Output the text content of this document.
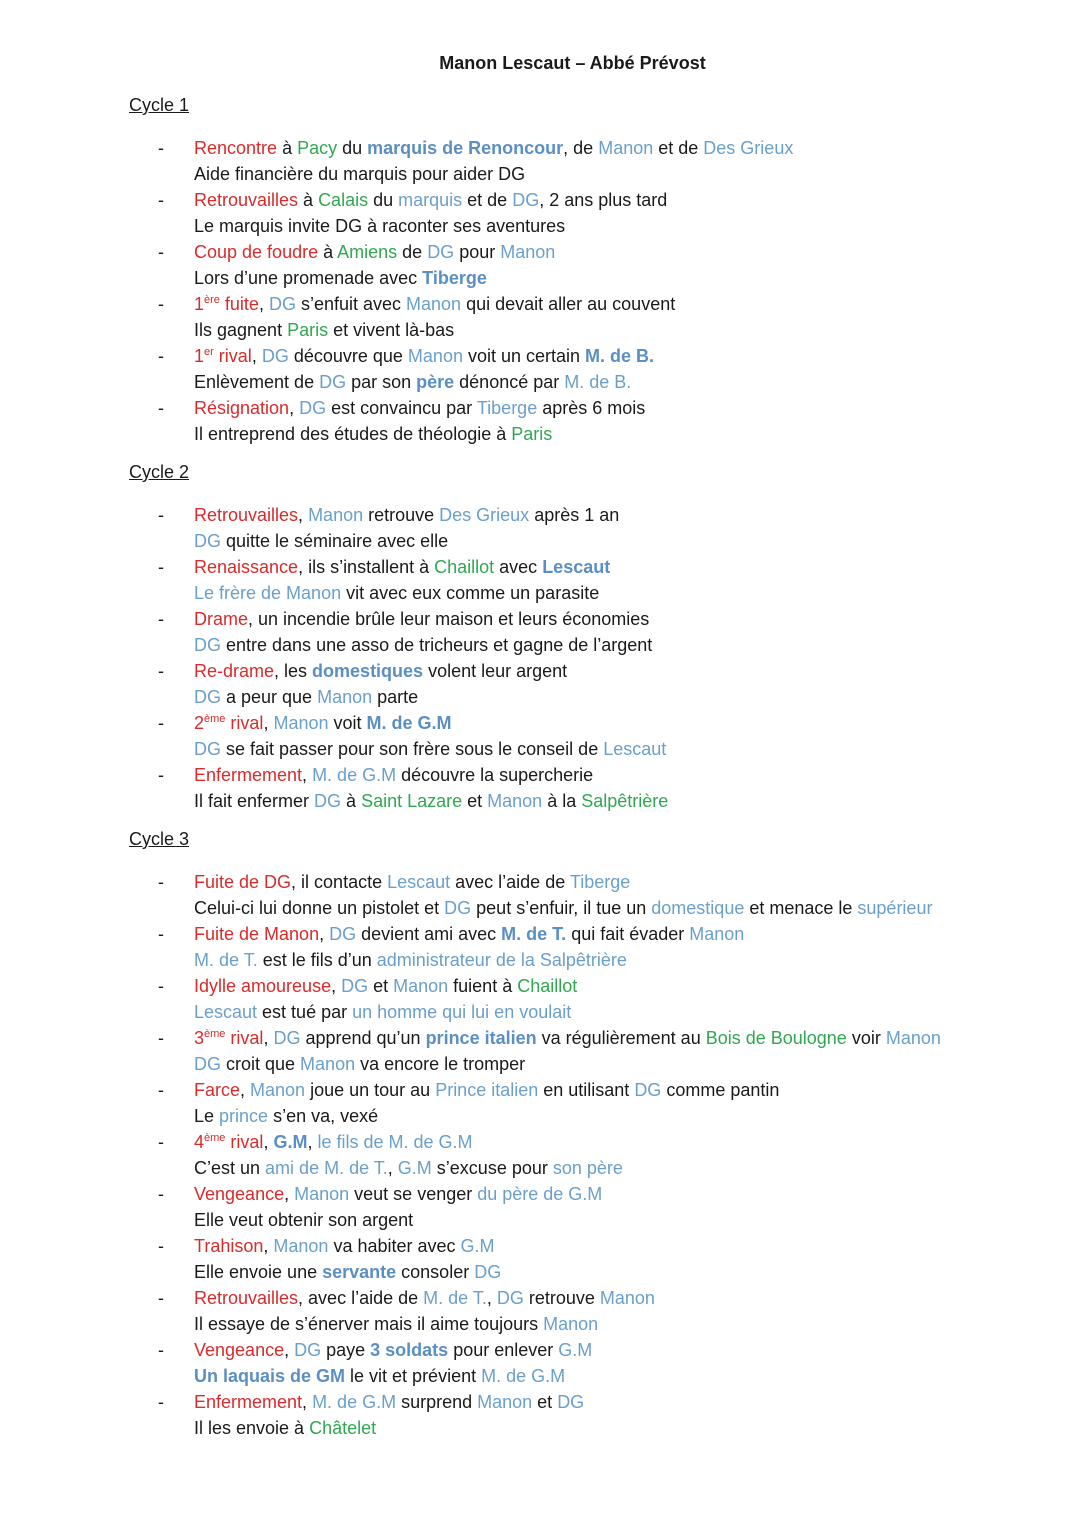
Manon Lescaut – Abbé Prévost
Cycle 1
- Rencontre à Pacy du marquis de Renoncour, de Manon et de Des Grieux
Aide financière du marquis pour aider DG
- Retrouvailles à Calais du marquis et de DG, 2 ans plus tard
Le marquis invite DG à raconter ses aventures
- Coup de foudre à Amiens de DG pour Manon
Lors d’une promenade avec Tiberge
- 1ère fuite, DG s’enfuit avec Manon qui devait aller au couvent
Ils gagnent Paris et vivent là-bas
- 1er rival, DG découvre que Manon voit un certain M. de B.
Enlèvement de DG par son père dénoncé par M. de B.
- Résignation, DG est convaincu par Tiberge après 6 mois
Il entreprend des études de théologie à Paris
Cycle 2
- Retrouvailles, Manon retrouve Des Grieux après 1 an
DG quitte le séminaire avec elle
- Renaissance, ils s’installent à Chaillot avec Lescaut
Le frère de Manon vit avec eux comme un parasite
- Drame, un incendie brûle leur maison et leurs économies
DG entre dans une asso de tricheurs et gagne de l’argent
- Re-drame, les domestiques volent leur argent
DG a peur que Manon parte
- 2ème rival, Manon voit M. de G.M
DG se fait passer pour son frère sous le conseil de Lescaut
- Enfermement, M. de G.M découvre la supercherie
Il fait enfermer DG à Saint Lazare et Manon à la Salpêtrière
Cycle 3
- Fuite de DG, il contacte Lescaut avec l’aide de Tiberge
Celui-ci lui donne un pistolet et DG peut s’enfuir, il tue un domestique et menace le supérieur
- Fuite de Manon, DG devient ami avec M. de T. qui fait évader Manon
M. de T. est le fils d’un administrateur de la Salpêtrière
- Idylle amoureuse, DG et Manon fuient à Chaillot
Lescaut est tué par un homme qui lui en voulait
- 3ème rival, DG apprend qu’un prince italien va régulièrement au Bois de Boulogne voir Manon
DG croit que Manon va encore le tromper
- Farce, Manon joue un tour au Prince italien en utilisant DG comme pantin
Le prince s’en va, vexé
- 4ème rival, G.M, le fils de M. de G.M
C’est un ami de M. de T., G.M s’excuse pour son père
- Vengeance, Manon veut se venger du père de G.M
Elle veut obtenir son argent
- Trahison, Manon va habiter avec G.M
Elle envoie une servante consoler DG
- Retrouvailles, avec l’aide de M. de T., DG retrouve Manon
Il essaye de s’énerver mais il aime toujours Manon
- Vengeance, DG paye 3 soldats pour enlever G.M
Un laquais de GM le vit et prévient M. de G.M
- Enfermement, M. de G.M surprend Manon et DG
Il les envoie à Châtelet
